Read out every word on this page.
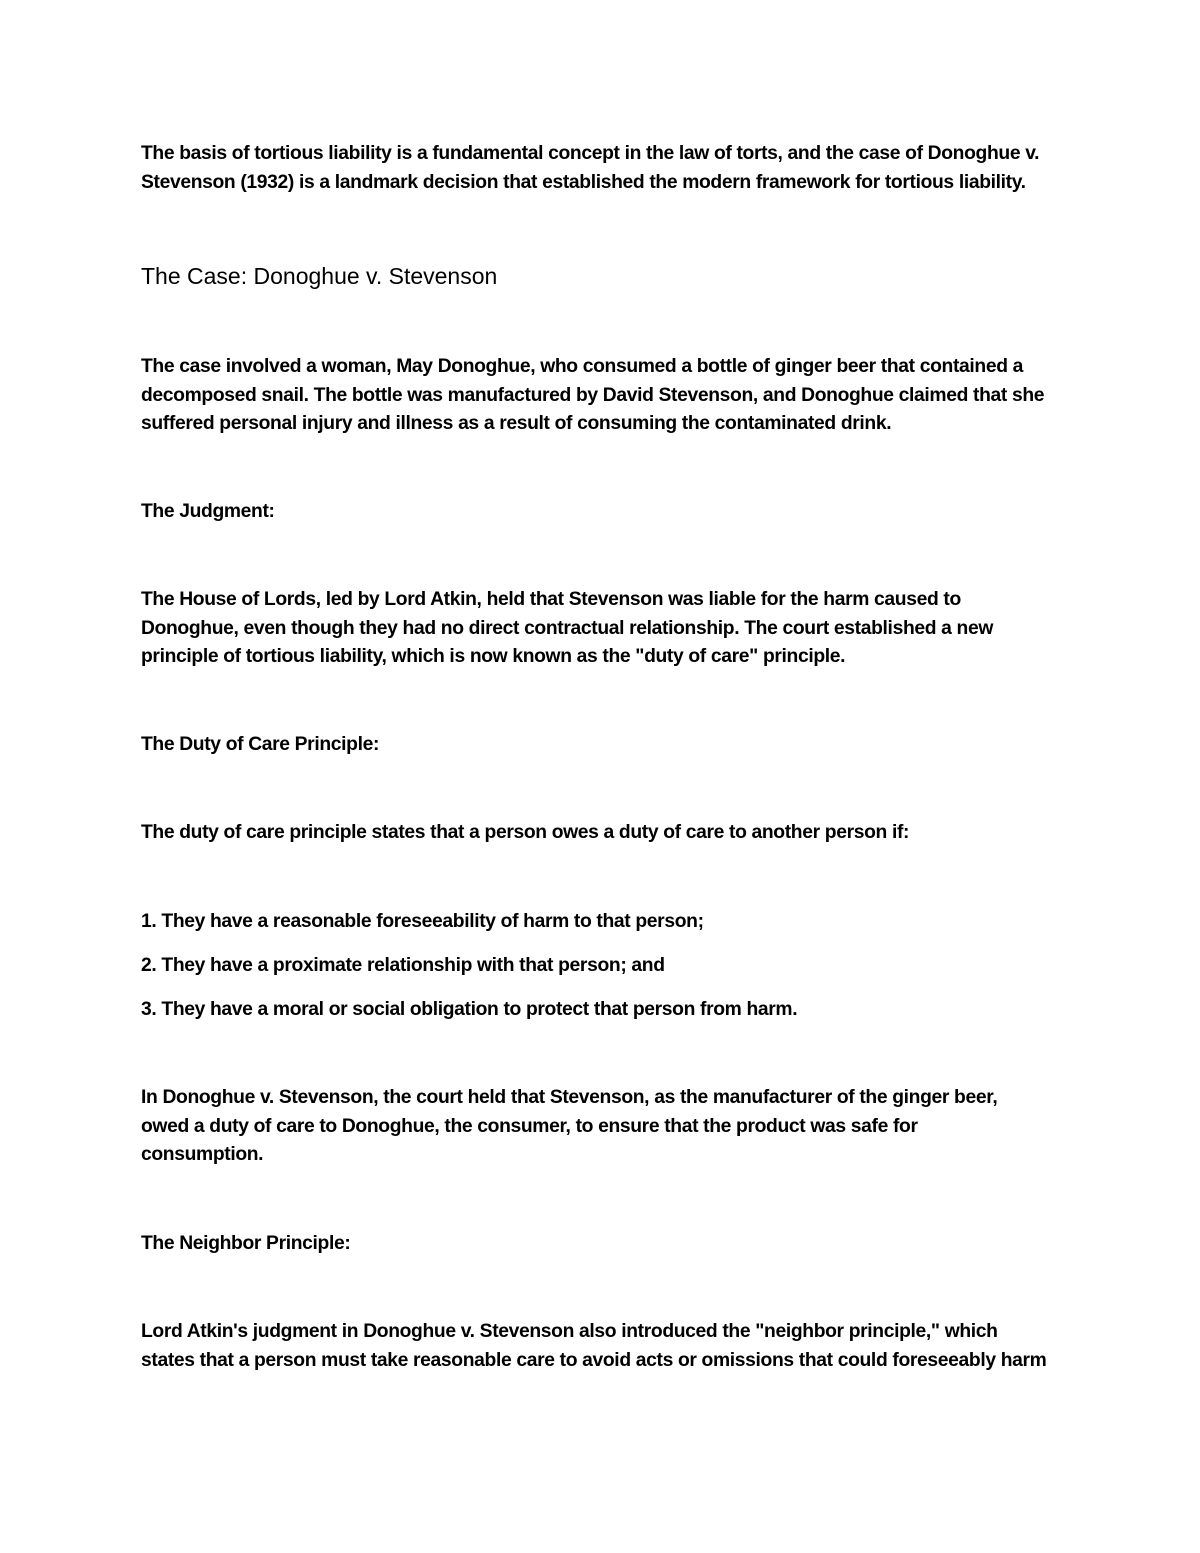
The basis of tortious liability is a fundamental concept in the law of torts, and the case of Donoghue v.
Stevenson (1932) is a landmark decision that established the modern framework for tortious liability.

The Case: Donoghue v. Stevenson

The case involved a woman, May Donoghue, who consumed a bottle of ginger beer that contained a
decomposed snail. The bottle was manufactured by David Stevenson, and Donoghue claimed that she
suffered personal injury and illness as a result of consuming the contaminated drink.

The Judgment:

The House of Lords, led by Lord Atkin, held that Stevenson was liable for the harm caused to
Donoghue, even though they had no direct contractual relationship. The court established a new
principle of tortious liability, which is now known as the "duty of care" principle.

The Duty of Care Principle:

The duty of care principle states that a person owes a duty of care to another person if:

1. They have a reasonable foreseeability of harm to that person;

2. They have a proximate relationship with that person; and

3. They have a moral or social obligation to protect that person from harm.

In Donoghue v. Stevenson, the court held that Stevenson, as the manufacturer of the ginger beer,
owed a duty of care to Donoghue, the consumer, to ensure that the product was safe for
consumption.

The Neighbor Principle:

Lord Atkin's judgment in Donoghue v. Stevenson also introduced the "neighbor principle," which
states that a person must take reasonable care to avoid acts or omissions that could foreseeably harm
